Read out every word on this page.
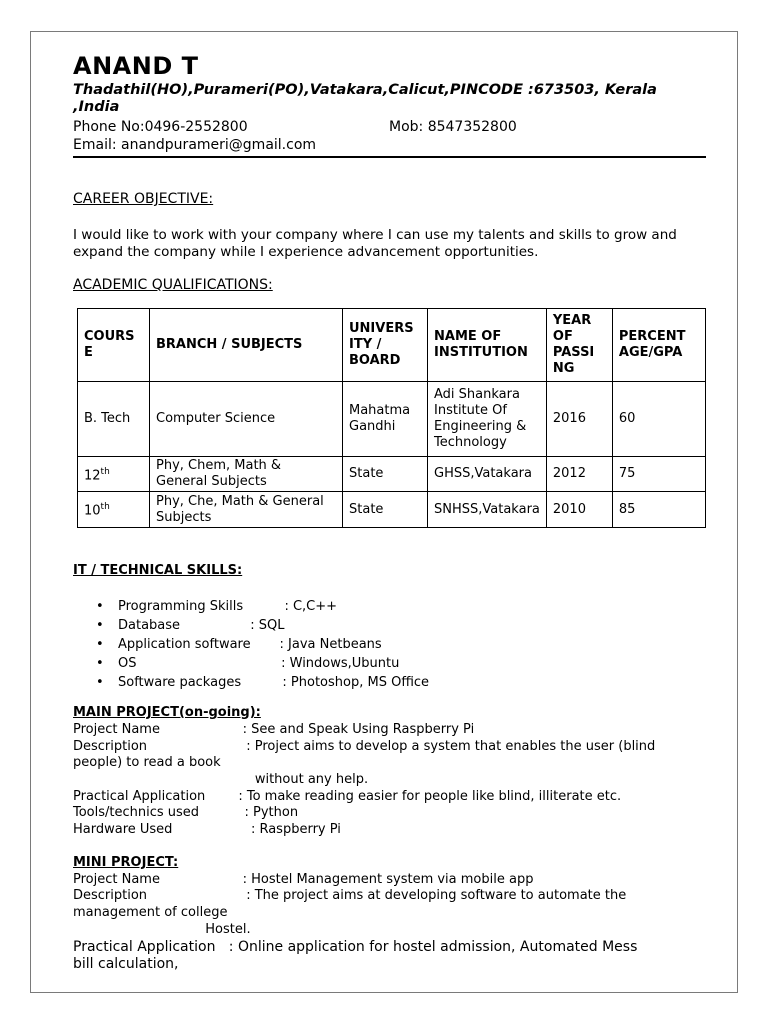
ANAND T
Thadathil(HO),Purameri(PO),Vatakara,Calicut,PINCODE :673503, Kerala ,India
Phone No:0496-2552800	Mob: 8547352800
Email: anandpurameri@gmail.com
CAREER OBJECTIVE:
I would like to work with your company where I can use my talents and skills to grow and expand the company while I experience advancement opportunities.
ACADEMIC QUALIFICATIONS:
COURS E	BRANCH / SUBJECTS	UNIVERS ITY / BOARD	NAME OF INSTITUTION	YEAR OF PASSI NG	PERCENT AGE/GPA
B. Tech	Computer Science	Mahatma Gandhi	Adi Shankara Institute Of Engineering & Technology	2016	60
12th	Phy, Chem, Math & General Subjects	State	GHSS,Vatakara	2012	75
10th	Phy, Che, Math & General Subjects	State	SNHSS,Vatakara	2010	85
IT / TECHNICAL SKILLS:
• Programming Skills          : C,C++
• Database                 : SQL
• Application software       : Java Netbeans
• OS                                   : Windows,Ubuntu
• Software packages          : Photoshop, MS Office
MAIN PROJECT(on-going):
Project Name                    : See and Speak Using Raspberry Pi
Description                        : Project aims to develop a system that enables the user (blind
people) to read a book
without any help.
Practical Application        : To make reading easier for people like blind, illiterate etc.
Tools/technics used           : Python
Hardware Used                   : Raspberry Pi
MINI PROJECT:
Project Name                    : Hostel Management system via mobile app
Description                        : The project aims at developing software to automate the
management of college
Hostel.
Practical Application   : Online application for hostel admission, Automated Mess
bill calculation,
